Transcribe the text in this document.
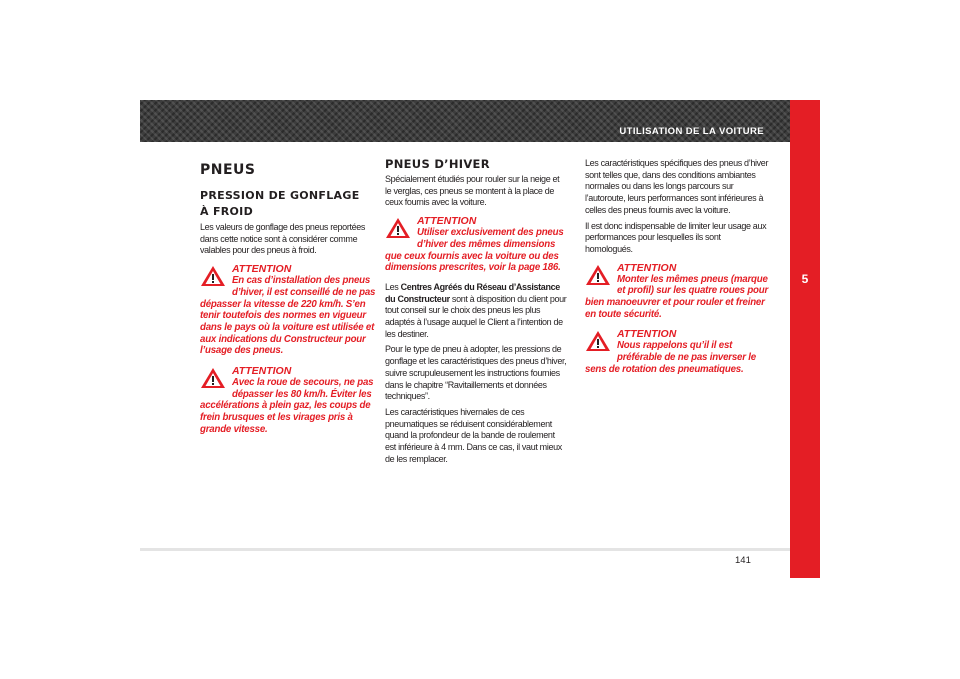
UTILISATION DE LA VOITURE
5
PNEUS
PRESSION DE GONFLAGE
À FROID

Les valeurs de gonflage des pneus reportées dans cette notice sont à considérer comme valables pour des pneus à froid.

ATTENTION
En cas d’installation des pneus d’hiver, il est conseillé de ne pas dépasser la vitesse de 220 km/h. S’en tenir toutefois des normes en vigueur dans le pays où la voiture est utilisée et aux indications du Constructeur pour l’usage des pneus.
ATTENTION
Avec la roue de secours, ne pas dépasser les 80 km/h. Éviter les accélérations à plein gaz, les coups de frein brusques et les virages pris à grande vitesse.
PNEUS D’HIVER

Spécialement étudiés pour rouler sur la neige et le verglas, ces pneus se montent à la place de ceux fournis avec la voiture.

ATTENTION
Utiliser exclusivement des pneus d’hiver des mêmes dimensions que ceux fournis avec la voiture ou des dimensions prescrites, voir la page 186.

Les Centres Agréés du Réseau d’Assistance du Constructeur sont à disposition du client pour tout conseil sur le choix des pneus les plus adaptés à l’usage auquel le Client a l’intention de les destiner.

Pour le type de pneu à adopter, les pressions de gonflage et les caractéristiques des pneus d’hiver, suivre scrupuleusement les instructions fournies dans le chapitre “Ravitaillements et données techniques”.

Les caractéristiques hivernales de ces pneumatiques se réduisent considérablement quand la profondeur de la bande de roulement est inférieure à 4 mm. Dans ce cas, il vaut mieux de les remplacer.

Les caractéristiques spécifiques des pneus d’hiver sont telles que, dans des conditions ambiantes normales ou dans les longs parcours sur l’autoroute, leurs performances sont inférieures à celles des pneus fournis avec la voiture.

Il est donc indispensable de limiter leur usage aux performances pour lesquelles ils sont homologués.

ATTENTION
Monter les mêmes pneus (marque et profil) sur les quatre roues pour bien manoeuvrer et pour rouler et freiner en toute sécurité.
ATTENTION
Nous rappelons qu’il il est préférable de ne pas inverser le sens de rotation des pneumatiques.
141
